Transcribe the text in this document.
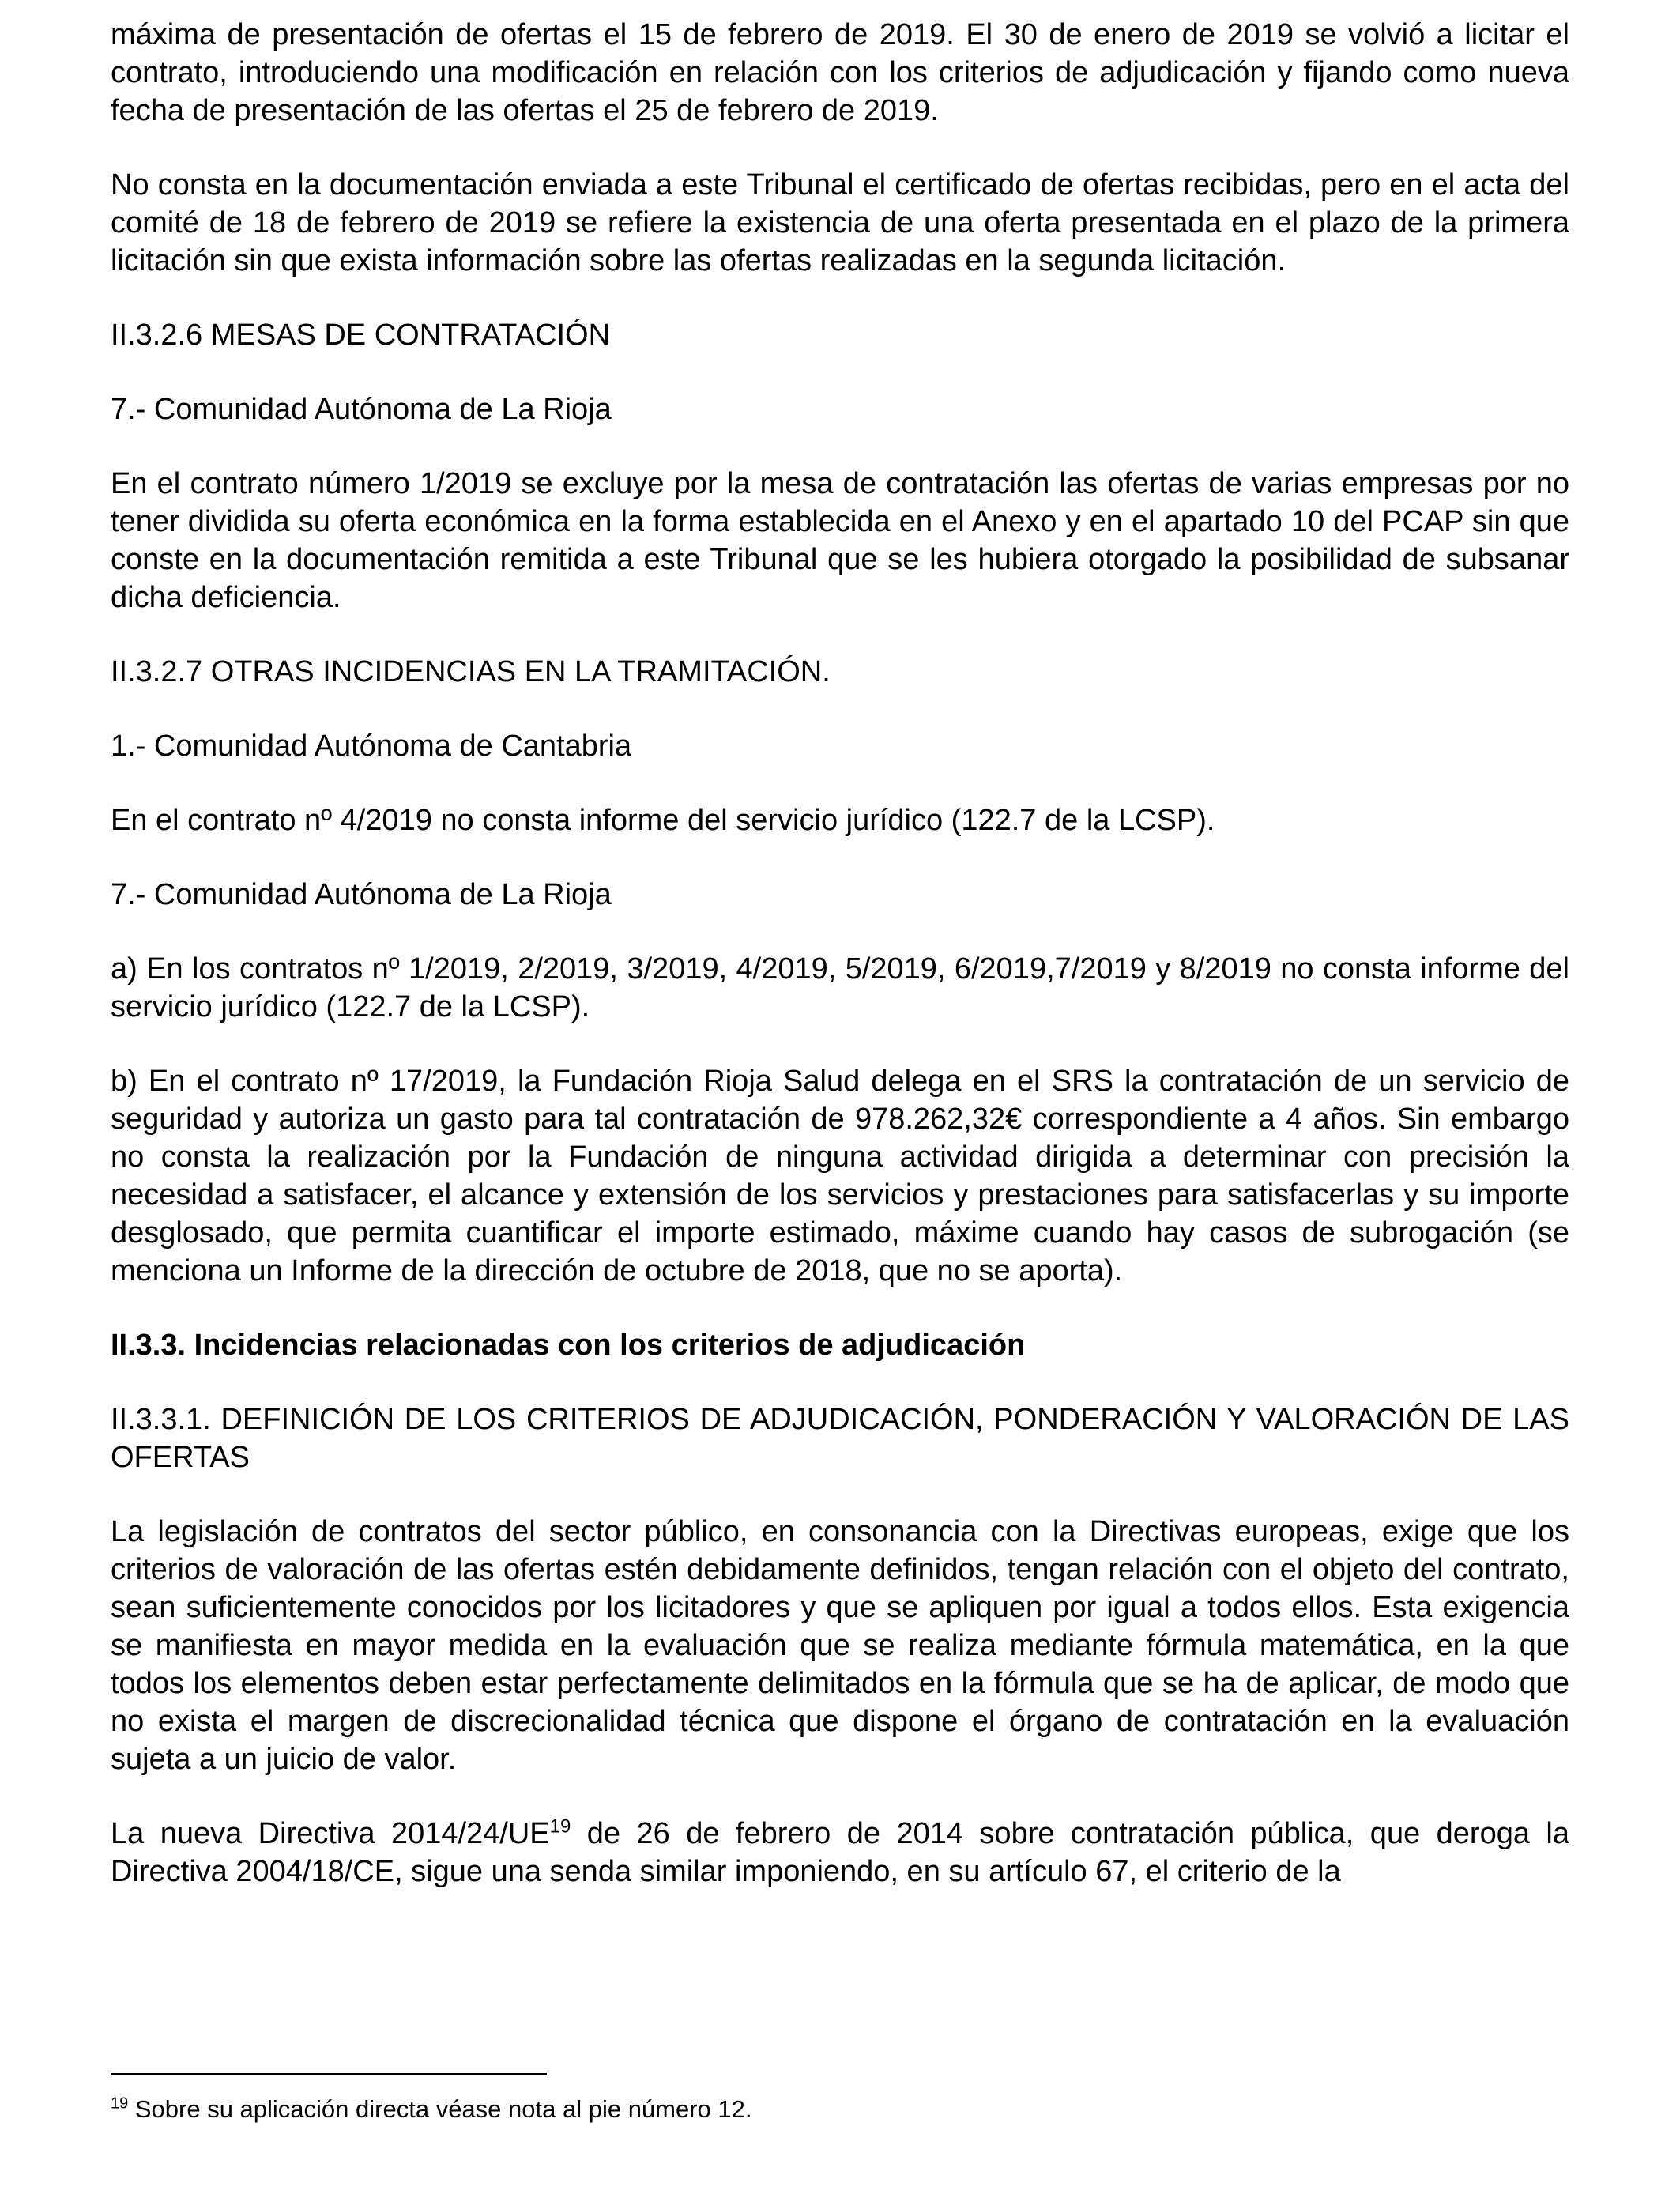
máxima de presentación de ofertas el 15 de febrero de 2019. El 30 de enero de 2019 se volvió a licitar el contrato, introduciendo una modificación en relación con los criterios de adjudicación y fijando como nueva fecha de presentación de las ofertas el 25 de febrero de 2019.

No consta en la documentación enviada a este Tribunal el certificado de ofertas recibidas, pero en el acta del comité de 18 de febrero de 2019 se refiere la existencia de una oferta presentada en el plazo de la primera licitación sin que exista información sobre las ofertas realizadas en la segunda licitación.

II.3.2.6 MESAS DE CONTRATACIÓN

7.- Comunidad Autónoma de La Rioja

En el contrato número 1/2019 se excluye por la mesa de contratación las ofertas de varias empresas por no tener dividida su oferta económica en la forma establecida en el Anexo y en el apartado 10 del PCAP sin que conste en la documentación remitida a este Tribunal que se les hubiera otorgado la posibilidad de subsanar dicha deficiencia.

II.3.2.7 OTRAS INCIDENCIAS EN LA TRAMITACIÓN.

1.- Comunidad Autónoma de Cantabria

En el contrato nº 4/2019 no consta informe del servicio jurídico (122.7 de la LCSP).

7.- Comunidad Autónoma de La Rioja

a) En los contratos nº 1/2019, 2/2019, 3/2019, 4/2019, 5/2019, 6/2019,7/2019 y 8/2019 no consta informe del servicio jurídico (122.7 de la LCSP).

b) En el contrato nº 17/2019, la Fundación Rioja Salud delega en el SRS la contratación de un servicio de seguridad y autoriza un gasto para tal contratación de 978.262,32€ correspondiente a 4 años. Sin embargo no consta la realización por la Fundación de ninguna actividad dirigida a determinar con precisión la necesidad a satisfacer, el alcance y extensión de los servicios y prestaciones para satisfacerlas y su importe desglosado, que permita cuantificar el importe estimado, máxime cuando hay casos de subrogación (se menciona un Informe de la dirección de octubre de 2018, que no se aporta).

II.3.3. Incidencias relacionadas con los criterios de adjudicación

II.3.3.1. DEFINICIÓN DE LOS CRITERIOS DE ADJUDICACIÓN, PONDERACIÓN Y VALORACIÓN DE LAS OFERTAS

La legislación de contratos del sector público, en consonancia con la Directivas europeas, exige que los criterios de valoración de las ofertas estén debidamente definidos, tengan relación con el objeto del contrato, sean suficientemente conocidos por los licitadores y que se apliquen por igual a todos ellos. Esta exigencia se manifiesta en mayor medida en la evaluación que se realiza mediante fórmula matemática, en la que todos los elementos deben estar perfectamente delimitados en la fórmula que se ha de aplicar, de modo que no exista el margen de discrecionalidad técnica que dispone el órgano de contratación en la evaluación sujeta a un juicio de valor.

La nueva Directiva 2014/24/UE$^{19}$ de 26 de febrero de 2014 sobre contratación pública, que deroga la Directiva 2004/18/CE, sigue una senda similar imponiendo, en su artículo 67, el criterio de la

$^{19}$ Sobre su aplicación directa véase nota al pie número 12.
